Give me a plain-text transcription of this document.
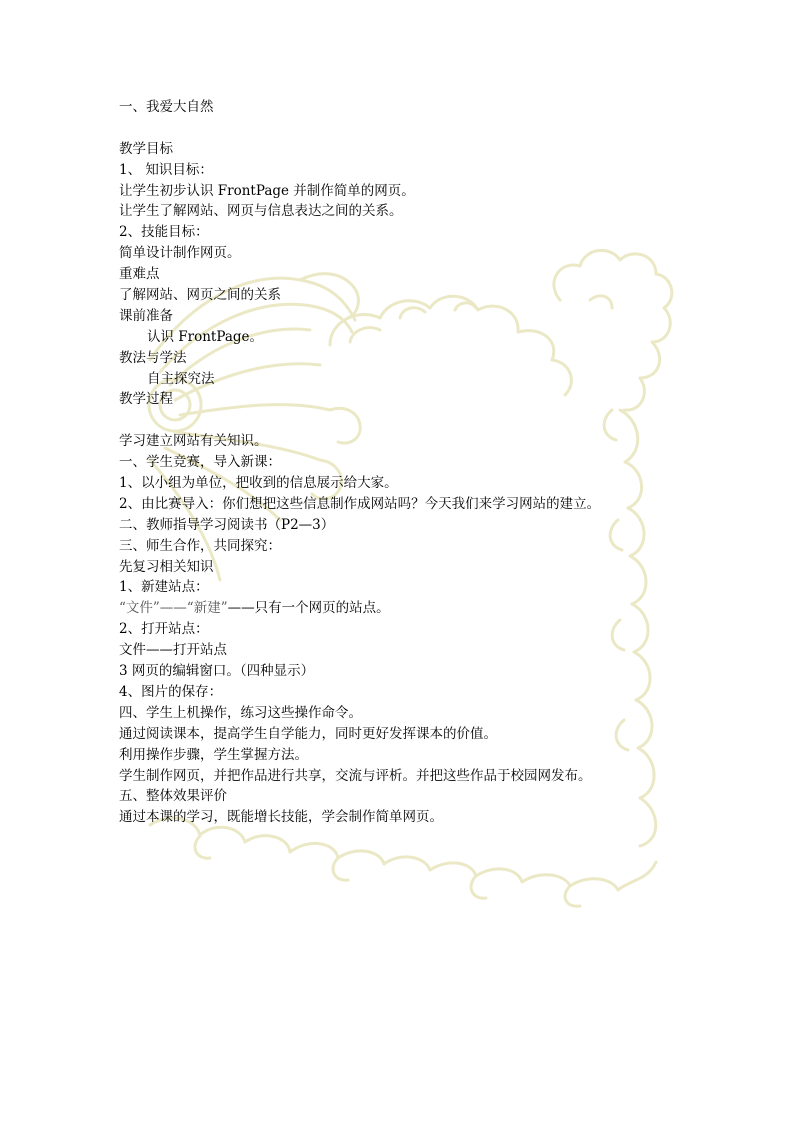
一、我爱大自然
教学目标
1、 知识目标：
让学生初步认识 FrontPage 并制作简单的网页。
让学生了解网站、网页与信息表达之间的关系。
2、技能目标：
简单设计制作网页。
重难点
了解网站、网页之间的关系
课前准备
认识 FrontPage。
教法与学法
自主探究法
教学过程
学习建立网站有关知识。
一、学生竞赛，导入新课：
1、以小组为单位，把收到的信息展示给大家。
2、由比赛导入：你们想把这些信息制作成网站吗？今天我们来学习网站的建立。
二、教师指导学习阅读书（P2—3）
三、师生合作，共同探究：
先复习相关知识
1、新建站点：
“文件”——“新建”——只有一个网页的站点。
2、打开站点：
文件——打开站点
3 网页的编辑窗口。（四种显示）
4、图片的保存：
四、学生上机操作，练习这些操作命令。
通过阅读课本，提高学生自学能力，同时更好发挥课本的价值。
利用操作步骤，学生掌握方法。
学生制作网页，并把作品进行共享，交流与评析。并把这些作品于校园网发布。
五、整体效果评价
通过本课的学习，既能增长技能，学会制作简单网页。
